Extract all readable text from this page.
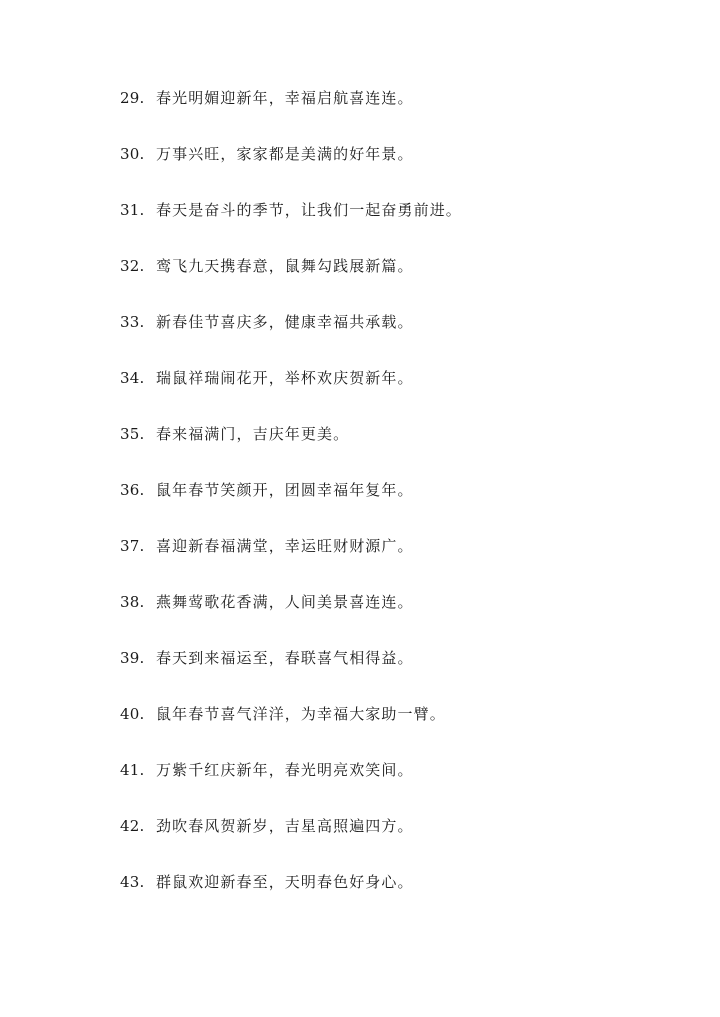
29. 春光明媚迎新年，幸福启航喜连连。
30. 万事兴旺，家家都是美满的好年景。
31. 春天是奋斗的季节，让我们一起奋勇前进。
32. 鸾飞九天携春意，鼠舞勾践展新篇。
33. 新春佳节喜庆多，健康幸福共承载。
34. 瑞鼠祥瑞闹花开，举杯欢庆贺新年。
35. 春来福满门，吉庆年更美。
36. 鼠年春节笑颜开，团圆幸福年复年。
37. 喜迎新春福满堂，幸运旺财财源广。
38. 燕舞莺歌花香满，人间美景喜连连。
39. 春天到来福运至，春联喜气相得益。
40. 鼠年春节喜气洋洋，为幸福大家助一臂。
41. 万紫千红庆新年，春光明亮欢笑间。
42. 劲吹春风贺新岁，吉星高照遍四方。
43. 群鼠欢迎新春至，天明春色好身心。
